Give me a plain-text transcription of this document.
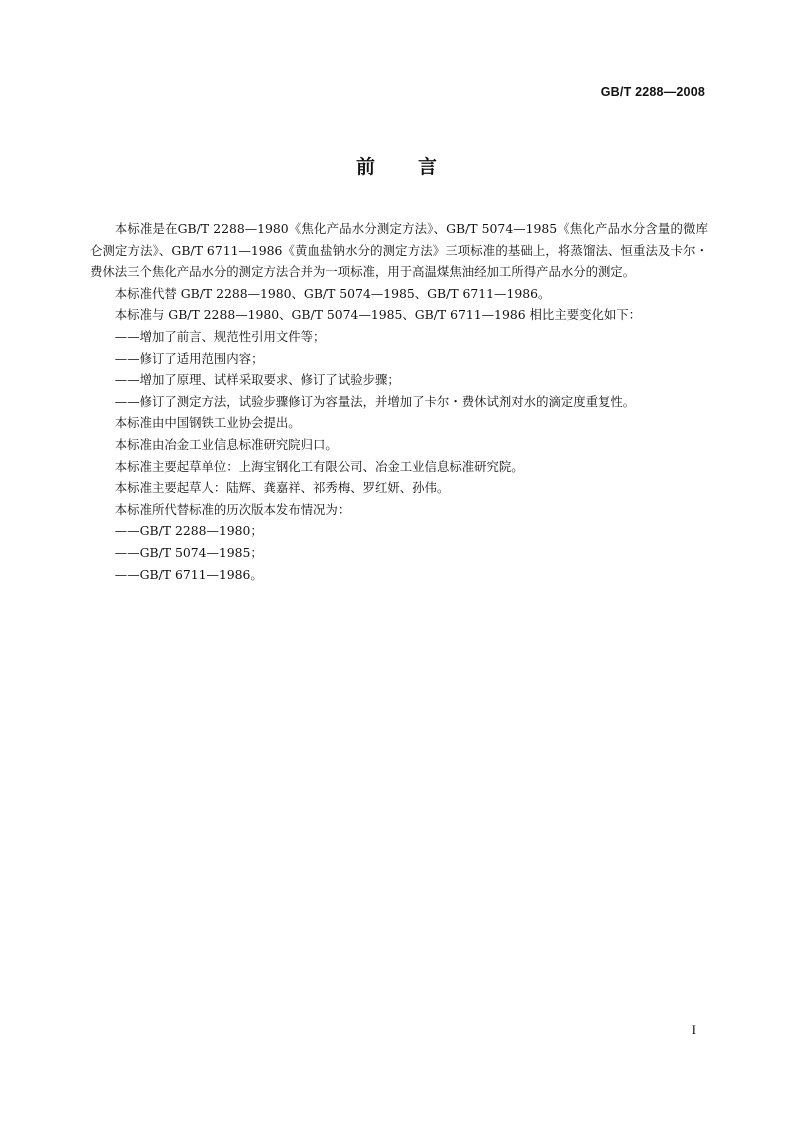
GB/T 2288—2008
前 言

本标准是在GB/T 2288—1980《焦化产品水分测定方法》、GB/T 5074—1985《焦化产品水分含量的微库仑测定方法》、GB/T 6711—1986《黄血盐钠水分的测定方法》三项标准的基础上，将蒸馏法、恒重法及卡尔・费休法三个焦化产品水分的测定方法合并为一项标准，用于高温煤焦油经加工所得产品水分的测定。

本标准代替 GB/T 2288—1980、GB/T 5074—1985、GB/T 6711—1986。

本标准与 GB/T 2288—1980、GB/T 5074—1985、GB/T 6711—1986 相比主要变化如下：

——增加了前言、规范性引用文件等；

——修订了适用范围内容；

——增加了原理、试样采取要求、修订了试验步骤；

——修订了测定方法，试验步骤修订为容量法，并增加了卡尔・费休试剂对水的滴定度重复性。

本标准由中国钢铁工业协会提出。

本标准由冶金工业信息标准研究院归口。

本标准主要起草单位：上海宝钢化工有限公司、冶金工业信息标准研究院。

本标准主要起草人：陆辉、龚嘉祥、祁秀梅、罗红妍、孙伟。

本标准所代替标准的历次版本发布情况为：

——GB/T 2288—1980；

——GB/T 5074—1985；

——GB/T 6711—1986。

I
